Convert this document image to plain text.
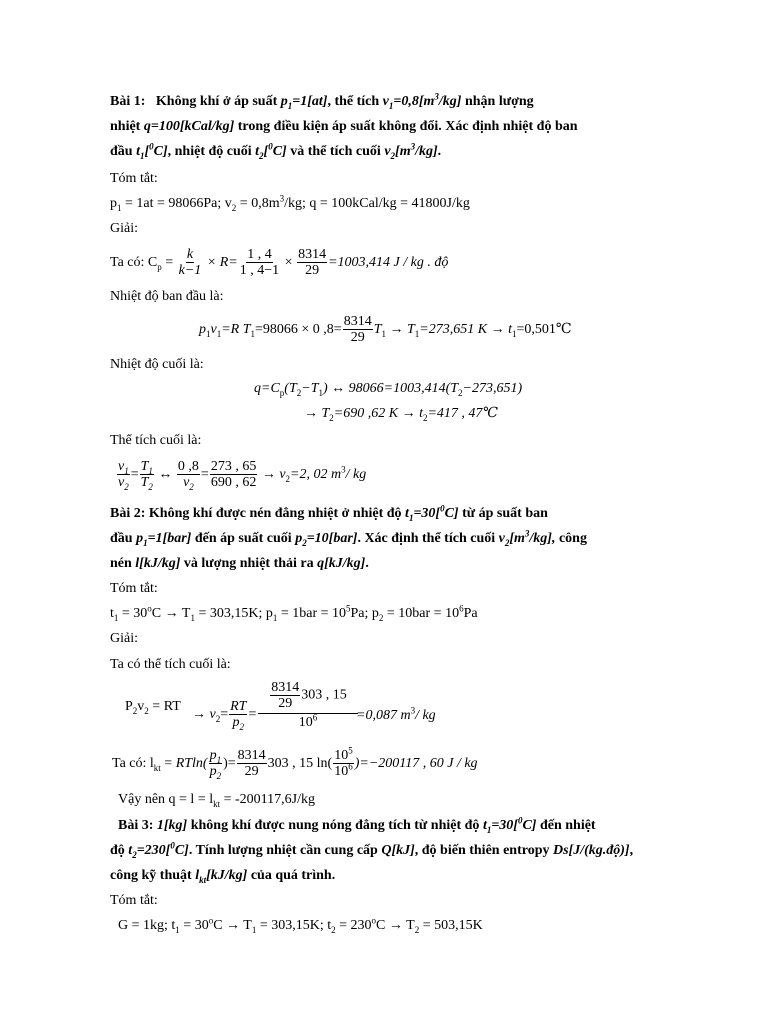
Bài 1: Không khí ở áp suất $p_1=1[at]$, thể tích $v_1=0,8[m^3/kg]$ nhận lượng
nhiệt q=100[kCal/kg] trong điều kiện áp suất không đổi. Xác định nhiệt độ ban
đầu $t_1[^0C]$, nhiệt độ cuối $t_2[^0C]$ và thể tích cuối $v_2[m^3/kg]$.
Tóm tắt:
$p_1 = 1at = 98066Pa$; $v_2 = 0,8m^3/kg$; q = 100kCal/kg = 41800J/kg
Giải:
Ta có: $C_p = \frac{k}{k-1} \times R= \frac{1 , 4}{1 , 4-1} \times \frac{8314}{29} =1003,414$ J / kg . độ
Nhiệt độ ban đầu là:
$p_1v_1=R$ $T_1=98066 \times 0$ $,8= \frac{8314}{29} T_1 \to T_1=273,651$ $K \to t_1=0,501℃$
Nhiệt độ cuối là:
$q=C_p(T_2-T_1)$ ↔ $98066=1003,414(T_2-273,651)$
→ $T_2=690$ ,62 $K \to t_2=417$ , 47℃
Thể tích cuối là:
$\frac{v_1}{v_2} = \frac{T_1}{T_2}$ ↔ $\frac{0 ,8}{v_2} = \frac{273 , 65}{690 , 62} \to v_2=2$, 02 $m^3/$ kg
Bài 2: Không khí được nén đẳng nhiệt ở nhiệt độ $t_1=30[^0C]$ từ áp suất ban
đầu $p_1=1[bar]$ đến áp suất cuối $p_2=10[bar]$. Xác định thể tích cuối $v_2[m^3/kg]$, công
nén l[kJ/kg] và lượng nhiệt thải ra q[kJ/kg].
Tóm tắt:
$t_1 = 30^oC \to T_1 = 303,15K$; $p_1 = 1bar = 10^5Pa$; $p_2 = 10bar = 10^6Pa$
Giải:
Ta có thể tích cuối là:
$P_2v_2$ = RT
→ $v_2= \frac{RT}{p_2} = \frac{\frac{8314}{29} 303 , 15}{10^6}$
=0,087 $m^3/$ kg
Ta có: $l_{kt} = RTln( \frac{p_1}{p_2}$ )= $\frac{8314}{29} 303$ , 15 $\ln( \frac{10^5}{10^6} )=-200117$ , 60 J / kg
Vậy nên $q = l = l_{kt} = -200117,6J/kg$
Bài 3: 1[kg] không khí được nung nóng đẳng tích từ nhiệt độ $t_1=30[^0C]$ đến nhiệt
độ $t_2=230[^0C]$. Tính lượng nhiệt cần cung cấp Q[kJ], độ biến thiên entropy Ds[J/(kg.độ)],
công kỹ thuật $l_{kt}[kJ/kg]$ của quá trình.
Tóm tắt:
G = 1kg; $t_1 = 30^oC \to T_1 = 303,15K$; $t_2 = 230^oC \to T_2 = 503,15K$
